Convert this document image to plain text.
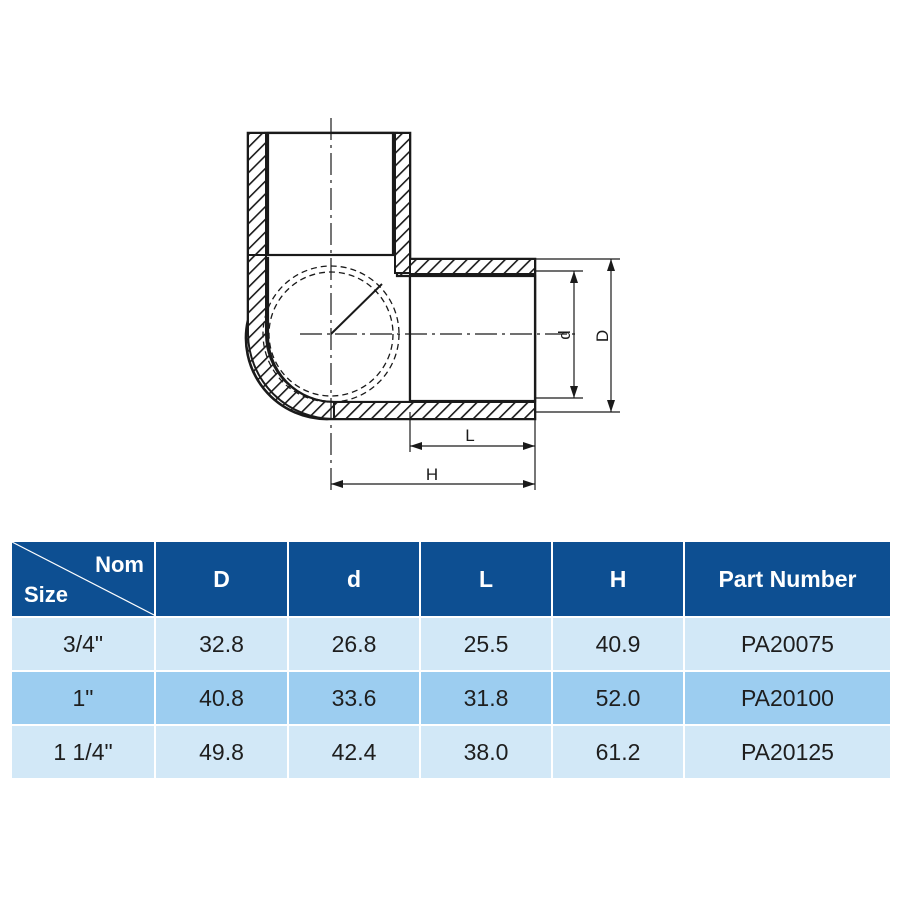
d D
L
H
Nom
Size	D	d	L	H	Part Number
3/4"	32.8	26.8	25.5	40.9	PA20075
1"	40.8	33.6	31.8	52.0	PA20100
1 1/4"	49.8	42.4	38.0	61.2	PA20125
